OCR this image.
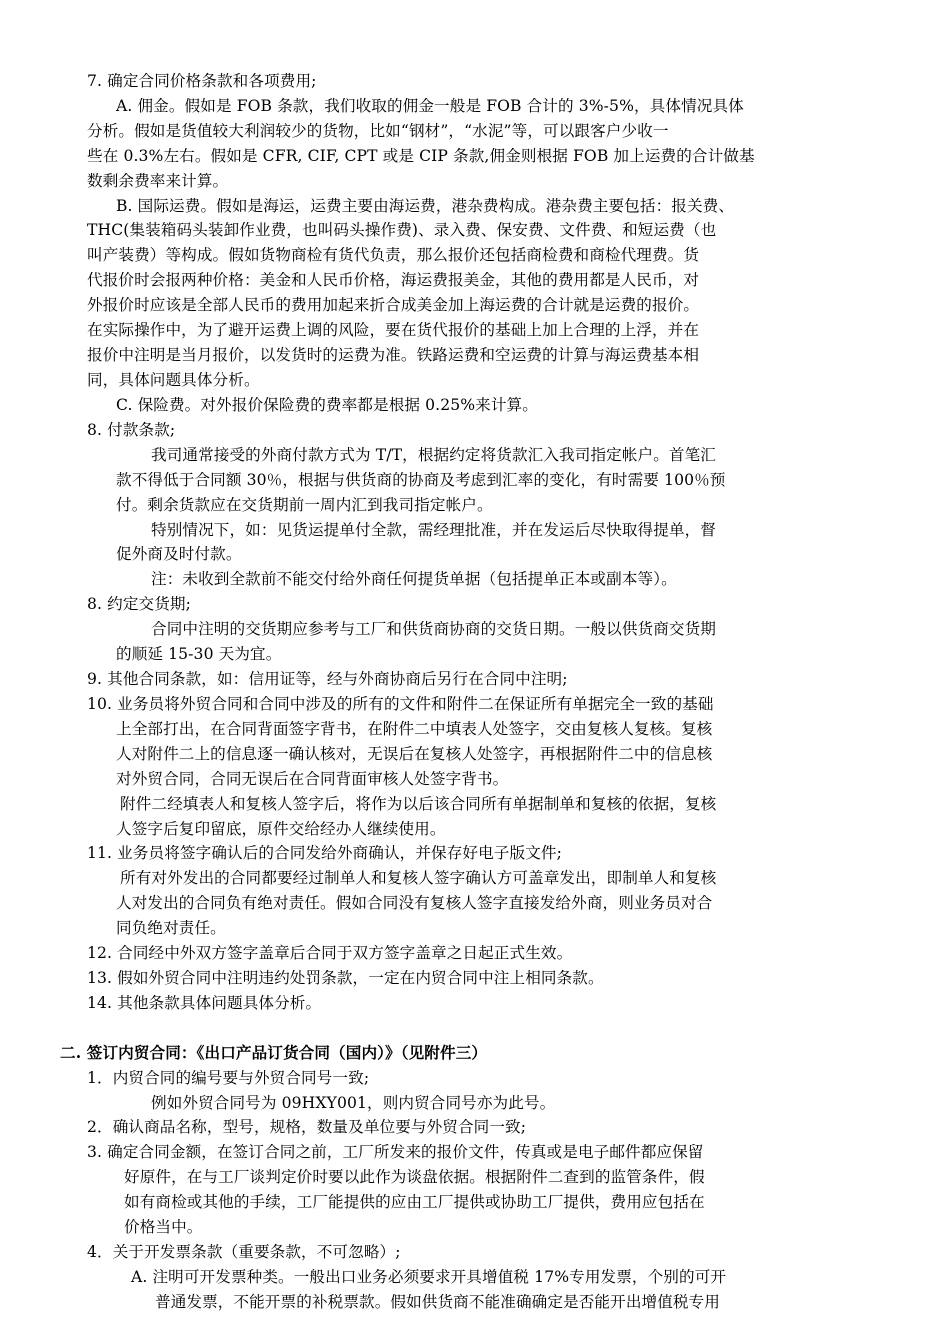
7. 确定合同价格条款和各项费用;
A. 佣金。假如是 FOB 条款，我们收取的佣金一般是 FOB 合计的 3%-5%，具体情况具体
分析。假如是货值较大利润较少的货物，比如“钢材”，“水泥”等，可以跟客户少收一
些在 0.3%左右。假如是 CFR, CIF, CPT 或是 CIP 条款,佣金则根据 FOB 加上运费的合计做基
数剩余费率来计算。
B. 国际运费。假如是海运，运费主要由海运费，港杂费构成。港杂费主要包括：报关费、
THC(集装箱码头装卸作业费，也叫码头操作费)、录入费、保安费、文件费、和短运费（也
叫产装费）等构成。假如货物商检有货代负责，那么报价还包括商检费和商检代理费。货
代报价时会报两种价格：美金和人民币价格，海运费报美金，其他的费用都是人民币，对
外报价时应该是全部人民币的费用加起来折合成美金加上海运费的合计就是运费的报价。
在实际操作中，为了避开运费上调的风险，要在货代报价的基础上加上合理的上浮，并在
报价中注明是当月报价，以发货时的运费为准。铁路运费和空运费的计算与海运费基本相
同，具体问题具体分析。
C. 保险费。对外报价保险费的费率都是根据 0.25%来计算。
8. 付款条款;
我司通常接受的外商付款方式为 T/T，根据约定将货款汇入我司指定帐户。首笔汇
款不得低于合同额 30％，根据与供货商的协商及考虑到汇率的变化，有时需要 100％预
付。剩余货款应在交货期前一周内汇到我司指定帐户。
特别情况下，如：见货运提单付全款，需经理批准，并在发运后尽快取得提单，督
促外商及时付款。
注：未收到全款前不能交付给外商任何提货单据（包括提单正本或副本等）。
8. 约定交货期;
合同中注明的交货期应参考与工厂和供货商协商的交货日期。一般以供货商交货期
的顺延 15-30 天为宜。
9. 其他合同条款，如：信用证等，经与外商协商后另行在合同中注明;
10. 业务员将外贸合同和合同中涉及的所有的文件和附件二在保证所有单据完全一致的基础
上全部打出，在合同背面签字背书，在附件二中填表人处签字，交由复核人复核。复核
人对附件二上的信息逐一确认核对，无误后在复核人处签字，再根据附件二中的信息核
对外贸合同，合同无误后在合同背面审核人处签字背书。
附件二经填表人和复核人签字后，将作为以后该合同所有单据制单和复核的依据，复核
人签字后复印留底，原件交给经办人继续使用。
11. 业务员将签字确认后的合同发给外商确认，并保存好电子版文件;
所有对外发出的合同都要经过制单人和复核人签字确认方可盖章发出，即制单人和复核
人对发出的合同负有绝对责任。假如合同没有复核人签字直接发给外商，则业务员对合
同负绝对责任。
12. 合同经中外双方签字盖章后合同于双方签字盖章之日起正式生效。
13. 假如外贸合同中注明违约处罚条款，一定在内贸合同中注上相同条款。
14. 其他条款具体问题具体分析。
二. 签订内贸合同：《出口产品订货合同（国内）》（见附件三）
1．内贸合同的编号要与外贸合同号一致;
例如外贸合同号为 09HXY001，则内贸合同号亦为此号。
2．确认商品名称，型号，规格，数量及单位要与外贸合同一致;
3. 确定合同金额，在签订合同之前，工厂所发来的报价文件，传真或是电子邮件都应保留
好原件，在与工厂谈判定价时要以此作为谈盘依据。根据附件二查到的监管条件，假
如有商检或其他的手续，工厂能提供的应由工厂提供或协助工厂提供，费用应包括在
价格当中。
4．关于开发票条款（重要条款，不可忽略）;
A. 注明可开发票种类。一般出口业务必须要求开具增值税 17%专用发票，个别的可开
普通发票，不能开票的补税票款。假如供货商不能准确确定是否能开出增值税专用
